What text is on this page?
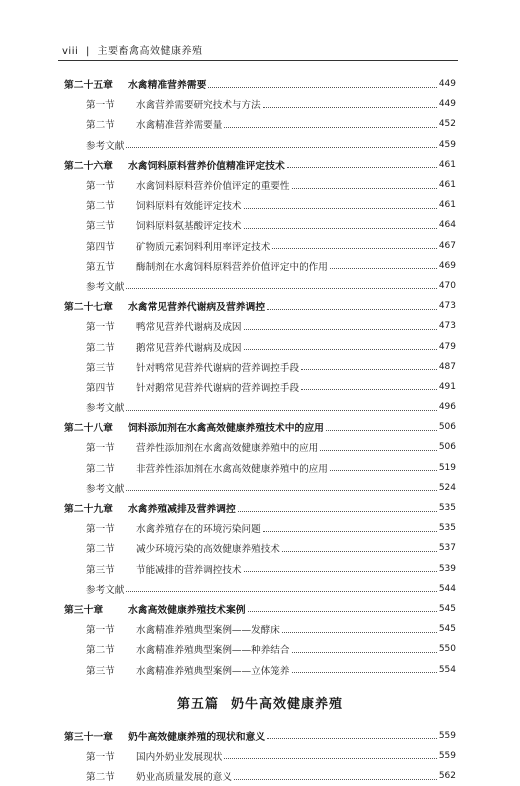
viii | 主要畜禽高效健康养殖
第二十五章	水禽精准营养需要	449
第一节	水禽营养需要研究技术与方法	449
第二节	水禽精准营养需要量	452
参考文献	459
第二十六章	水禽饲料原料营养价值精准评定技术	461
第一节	水禽饲料原料营养价值评定的重要性	461
第二节	饲料原料有效能评定技术	461
第三节	饲料原料氨基酸评定技术	464
第四节	矿物质元素饲料利用率评定技术	467
第五节	酶制剂在水禽饲料原料营养价值评定中的作用	469
参考文献	470
第二十七章	水禽常见营养代谢病及营养调控	473
第一节	鸭常见营养代谢病及成因	473
第二节	鹅常见营养代谢病及成因	479
第三节	针对鸭常见营养代谢病的营养调控手段	487
第四节	针对鹅常见营养代谢病的营养调控手段	491
参考文献	496
第二十八章	饲料添加剂在水禽高效健康养殖技术中的应用	506
第一节	营养性添加剂在水禽高效健康养殖中的应用	506
第二节	非营养性添加剂在水禽高效健康养殖中的应用	519
参考文献	524
第二十九章	水禽养殖减排及营养调控	535
第一节	水禽养殖存在的环境污染问题	535
第二节	减少环境污染的高效健康养殖技术	537
第三节	节能减排的营养调控技术	539
参考文献	544
第三十章	水禽高效健康养殖技术案例	545
第一节	水禽精准养殖典型案例——发酵床	545
第二节	水禽精准养殖典型案例——种养结合	550
第三节	水禽精准养殖典型案例——立体笼养	554
第五篇 奶牛高效健康养殖
第三十一章	奶牛高效健康养殖的现状和意义	559
第一节	国内外奶业发展现状	559
第二节	奶业高质量发展的意义	562
